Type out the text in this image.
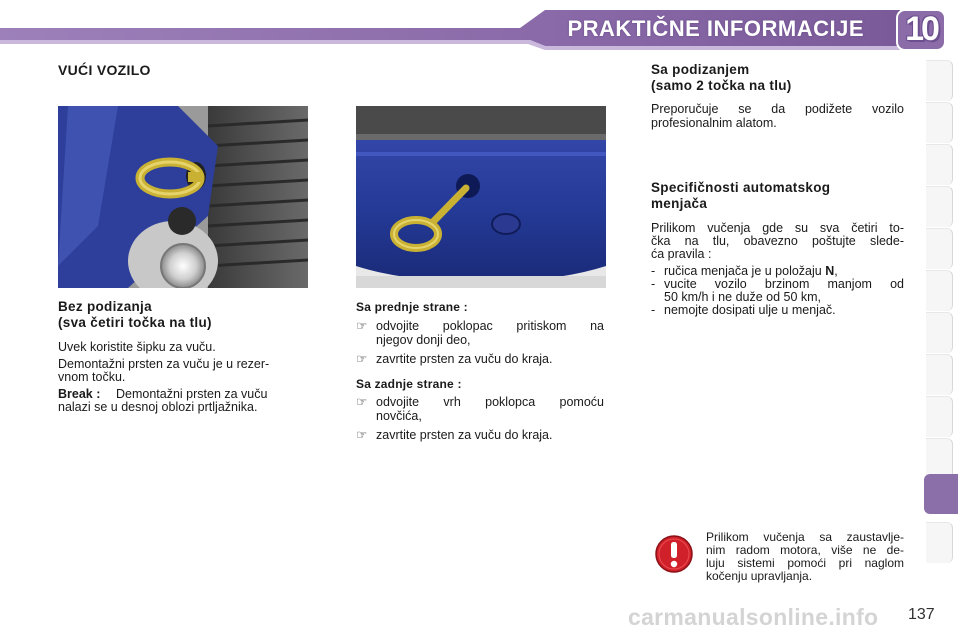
PRAKTIČNE INFORMACIJE 10
VUĆI VOZILO
Bez podizanja
(sva četiri točka na tlu)
Uvek koristite šipku za vuču.
Demontažni prsten za vuču je u rezer-
vnom točku.
Break : Demontažni prsten za vuču
nalazi se u desnoj oblozi prtljažnika.
Sa prednje strane :
☞ odvojite poklopac pritiskom na
njegov donji deo,
☞ zavrtite prsten za vuču do kraja.
Sa zadnje strane :
☞ odvojite vrh poklopca pomoću
novčića,
☞ zavrtite prsten za vuču do kraja.
Sa podizanjem
(samo 2 točka na tlu)
Preporučuje se da podižete vozilo
profesionalnim alatom.
Specifičnosti automatskog
menjača
Prilikom vučenja gde su sva četiri to-
čka na tlu, obavezno poštujte slede-
ća pravila :
- ručica menjača je u položaju N,
- vucite vozilo brzinom manjom od
50 km/h i ne duže od 50 km,
- nemojte dosipati ulje u menjač.
Prilikom vučenja sa zaustavlje-
nim radom motora, više ne de-
luju sistemi pomoći pri naglom
kočenju upravljanja.
137
carmanualsonline.info
